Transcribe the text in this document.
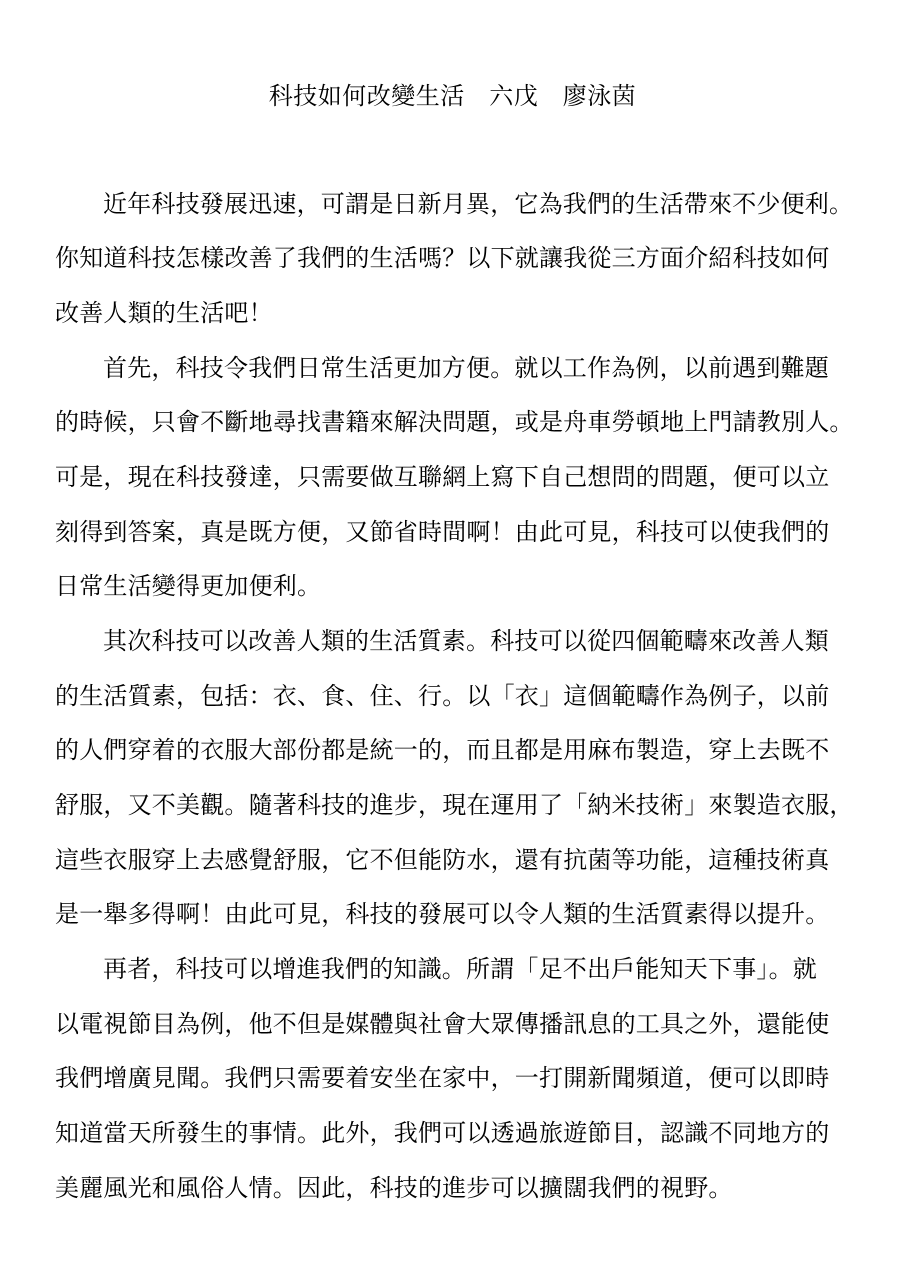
科技如何改變生活　六戊　廖泳茵
近年科技發展迅速，可謂是日新月異，它為我們的生活帶來不少便利。
你知道科技怎樣改善了我們的生活嗎？以下就讓我從三方面介紹科技如何
改善人類的生活吧！
首先，科技令我們日常生活更加方便。就以工作為例，以前遇到難題
的時候，只會不斷地尋找書籍來解決問題，或是舟車勞頓地上門請教別人。
可是，現在科技發達，只需要做互聯網上寫下自己想問的問題，便可以立
刻得到答案，真是既方便，又節省時間啊！由此可見，科技可以使我們的
日常生活變得更加便利。
其次科技可以改善人類的生活質素。科技可以從四個範疇來改善人類
的生活質素，包括：衣、食、住、行。以「衣」這個範疇作為例子，以前
的人們穿着的衣服大部份都是統一的，而且都是用麻布製造，穿上去既不
舒服，又不美觀。隨著科技的進步，現在運用了「納米技術」來製造衣服，
這些衣服穿上去感覺舒服，它不但能防水，還有抗菌等功能，這種技術真
是一舉多得啊！由此可見，科技的發展可以令人類的生活質素得以提升。
再者，科技可以增進我們的知識。所謂「足不出戶能知天下事」。就
以電視節目為例，他不但是媒體與社會大眾傳播訊息的工具之外，還能使
我們增廣見聞。我們只需要着安坐在家中，一打開新聞頻道，便可以即時
知道當天所發生的事情。此外，我們可以透過旅遊節目，認識不同地方的
美麗風光和風俗人情。因此，科技的進步可以擴闊我們的視野。
